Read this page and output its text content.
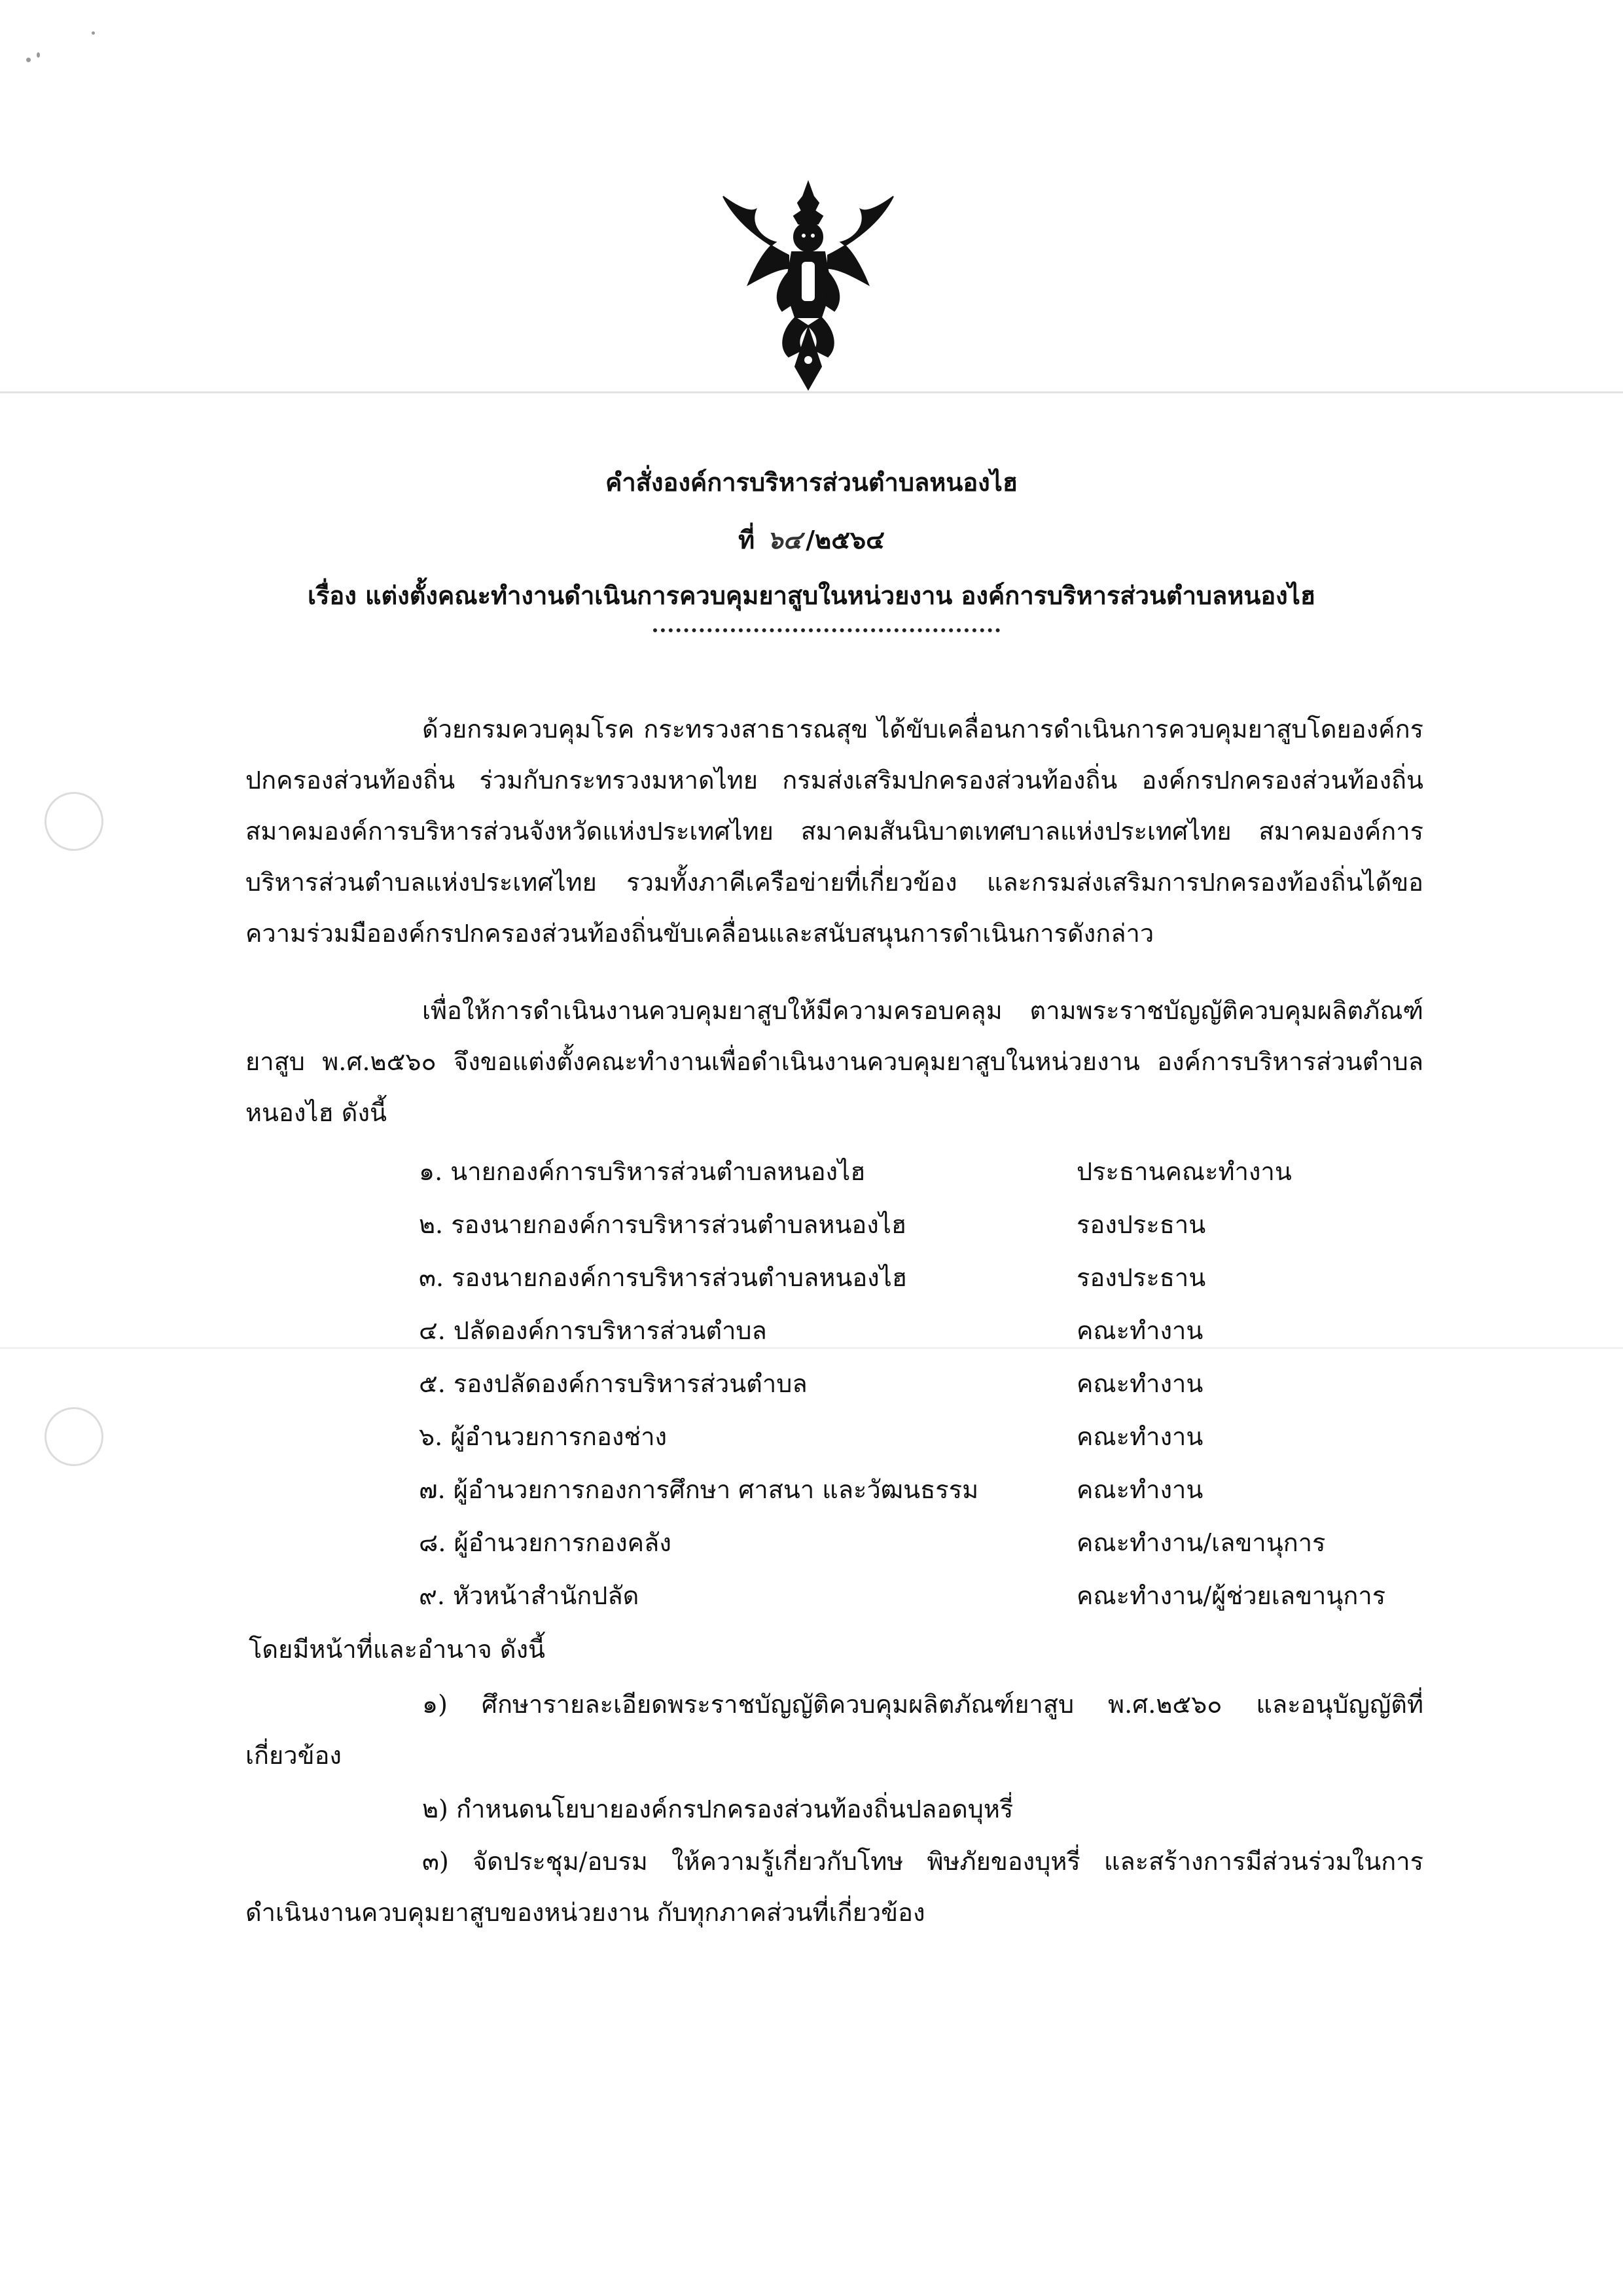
คำสั่งองค์การบริหารส่วนตำบลหนองไฮ
ที่ ๖๔ /๒๕๖๔
เรื่อง แต่งตั้งคณะทำงานดำเนินการควบคุมยาสูบในหน่วยงาน องค์การบริหารส่วนตำบลหนองไฮ
ด้วยกรมควบคุมโรค กระทรวงสาธารณสุข ได้ขับเคลื่อนการดำเนินการควบคุมยาสูบโดยองค์กรปกครองส่วนท้องถิ่น ร่วมกับกระทรวงมหาดไทย กรมส่งเสริมปกครองส่วนท้องถิ่น องค์กรปกครองส่วนท้องถิ่น สมาคมองค์การบริหารส่วนจังหวัดแห่งประเทศไทย สมาคมสันนิบาตเทศบาลแห่งประเทศไทย สมาคมองค์การบริหารส่วนตำบลแห่งประเทศไทย รวมทั้งภาคีเครือข่ายที่เกี่ยวข้อง และกรมส่งเสริมการปกครองท้องถิ่นได้ขอความร่วมมือองค์กรปกครองส่วนท้องถิ่นขับเคลื่อนและสนับสนุนการดำเนินการดังกล่าว
เพื่อให้การดำเนินงานควบคุมยาสูบให้มีความครอบคลุม ตามพระราชบัญญัติควบคุมผลิตภัณฑ์ยาสูบ พ.ศ.๒๕๖๐ จึงขอแต่งตั้งคณะทำงานเพื่อดำเนินงานควบคุมยาสูบในหน่วยงาน องค์การบริหารส่วนตำบลหนองไฮ ดังนี้
๑. นายกองค์การบริหารส่วนตำบลหนองไฮ	ประธานคณะทำงาน
๒. รองนายกองค์การบริหารส่วนตำบลหนองไฮ	รองประธาน
๓. รองนายกองค์การบริหารส่วนตำบลหนองไฮ	รองประธาน
๔. ปลัดองค์การบริหารส่วนตำบล	คณะทำงาน
๕. รองปลัดองค์การบริหารส่วนตำบล	คณะทำงาน
๖. ผู้อำนวยการกองช่าง	คณะทำงาน
๗. ผู้อำนวยการกองการศึกษา ศาสนา และวัฒนธรรม	คณะทำงาน
๘. ผู้อำนวยการกองคลัง	คณะทำงาน/เลขานุการ
๙. หัวหน้าสำนักปลัด	คณะทำงาน/ผู้ช่วยเลขานุการ
โดยมีหน้าที่และอำนาจ ดังนี้
๑) ศึกษารายละเอียดพระราชบัญญัติควบคุมผลิตภัณฑ์ยาสูบ พ.ศ.๒๕๖๐ และอนุบัญญัติที่เกี่ยวข้อง
๒) กำหนดนโยบายองค์กรปกครองส่วนท้องถิ่นปลอดบุหรี่
๓) จัดประชุม/อบรม ให้ความรู้เกี่ยวกับโทษ พิษภัยของบุหรี่ และสร้างการมีส่วนร่วมในการดำเนินงานควบคุมยาสูบของหน่วยงาน กับทุกภาคส่วนที่เกี่ยวข้อง
